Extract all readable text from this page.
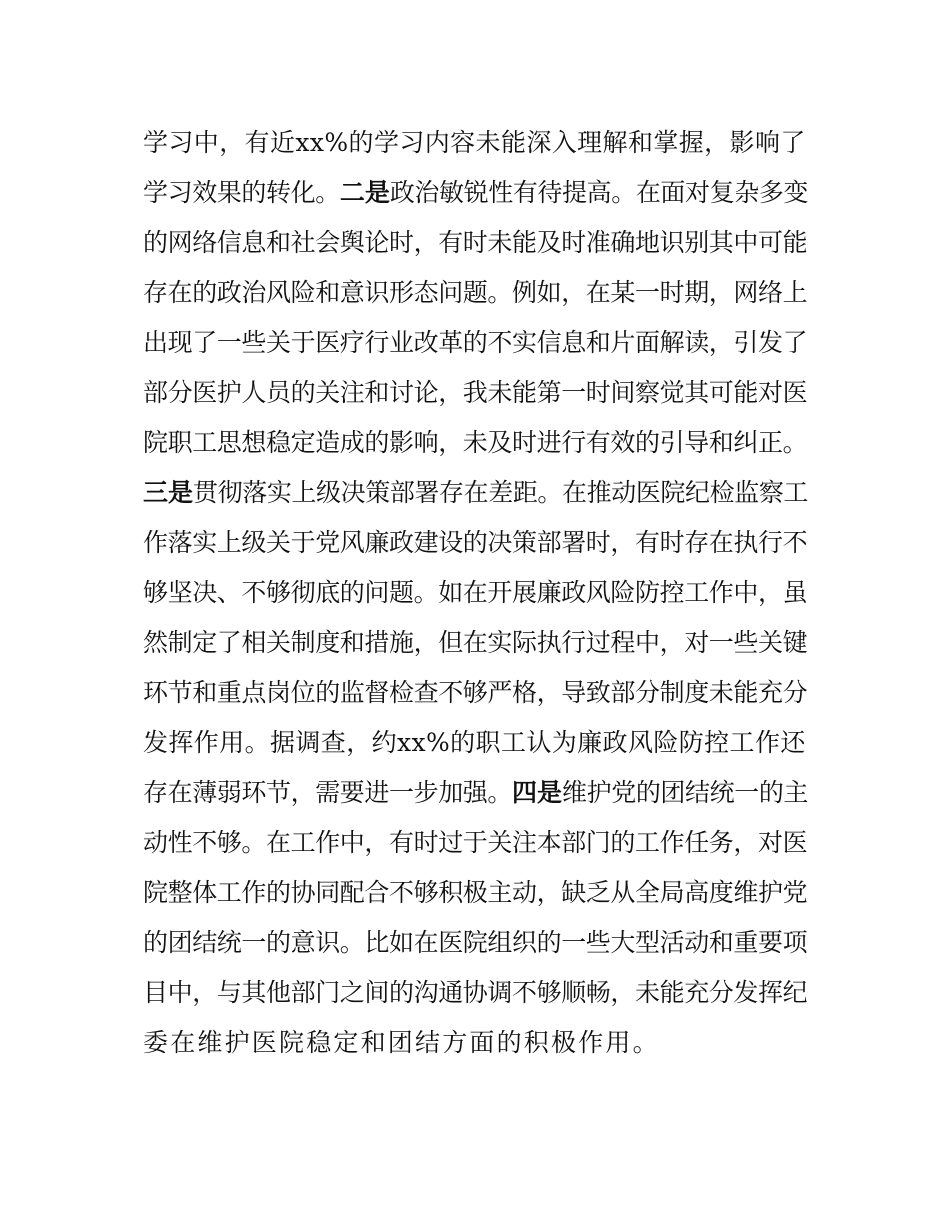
学习中，有近xx%的学习内容未能深入理解和掌握，影响了
学习效果的转化。二是政治敏锐性有待提高。在面对复杂多变
的网络信息和社会舆论时，有时未能及时准确地识别其中可能
存在的政治风险和意识形态问题。例如，在某一时期，网络上
出现了一些关于医疗行业改革的不实信息和片面解读，引发了
部分医护人员的关注和讨论，我未能第一时间察觉其可能对医
院职工思想稳定造成的影响，未及时进行有效的引导和纠正。
三是贯彻落实上级决策部署存在差距。在推动医院纪检监察工
作落实上级关于党风廉政建设的决策部署时，有时存在执行不
够坚决、不够彻底的问题。如在开展廉政风险防控工作中，虽
然制定了相关制度和措施，但在实际执行过程中，对一些关键
环节和重点岗位的监督检查不够严格，导致部分制度未能充分
发挥作用。据调查，约xx%的职工认为廉政风险防控工作还
存在薄弱环节，需要进一步加强。四是维护党的团结统一的主
动性不够。在工作中，有时过于关注本部门的工作任务，对医
院整体工作的协同配合不够积极主动，缺乏从全局高度维护党
的团结统一的意识。比如在医院组织的一些大型活动和重要项
目中，与其他部门之间的沟通协调不够顺畅，未能充分发挥纪
委在维护医院稳定和团结方面的积极作用。
